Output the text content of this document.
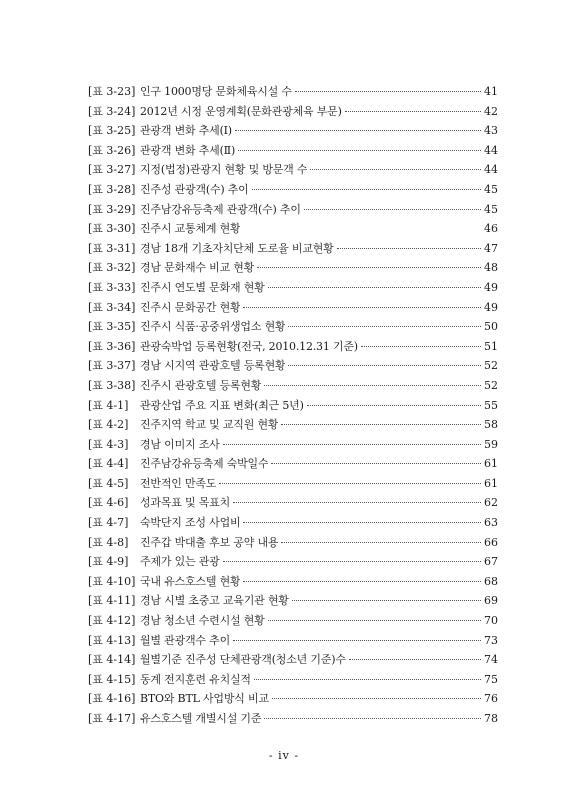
[표 3-23] 인구 1000명당 문화체육시설 수	41
[표 3-24] 2012년 시정 운영계획(문화관광체육 부문)	42
[표 3-25] 관광객 변화 추세(Ⅰ)	43
[표 3-26] 관광객 변화 추세(Ⅱ)	44
[표 3-27] 지정(법정)관광지 현황 및 방문객 수	44
[표 3-28] 진주성 관광객(수) 추이	45
[표 3-29] 진주남강유등축제 관광객(수) 추이	45
[표 3-30] 진주시 교통체계 현황	46
[표 3-31] 경남 18개 기초자치단체 도로율 비교현황	47
[표 3-32] 경남 문화재수 비교 현황	48
[표 3-33] 진주시 연도별 문화재 현황	49
[표 3-34] 진주시 문화공간 현황	49
[표 3-35] 진주시 식품·공중위생업소 현황	50
[표 3-36] 관광숙박업 등록현황(전국, 2010.12.31 기준)	51
[표 3-37] 경남 시지역 관광호텔 등록현황	52
[표 3-38] 진주시 관광호텔 등록현황	52
[표 4-1]	관광산업 주요 지표 변화(최근 5년)	55
[표 4-2]	진주지역 학교 및 교직원 현황	58
[표 4-3]	경남 이미지 조사	59
[표 4-4]	진주남강유등축제 숙박일수	61
[표 4-5]	전반적인 만족도	61
[표 4-6]	성과목표 및 목표치	62
[표 4-7]	숙박단지 조성 사업비	63
[표 4-8]	진주갑 박대출 후보 공약 내용	66
[표 4-9]	주제가 있는 관광	67
[표 4-10] 국내 유스호스텔 현황	68
[표 4-11] 경남 시별 초중고 교육기관 현황	69
[표 4-12] 경남 청소년 수련시설 현황	70
[표 4-13] 월별 관광객수 추이	73
[표 4-14] 월별기준 진주성 단체관광객(청소년 기준)수	74
[표 4-15] 동계 전지훈련 유치실적	75
[표 4-16] BTO와 BTL 사업방식 비교	76
[표 4-17] 유스호스텔 개별시설 기준	78
- iv -
